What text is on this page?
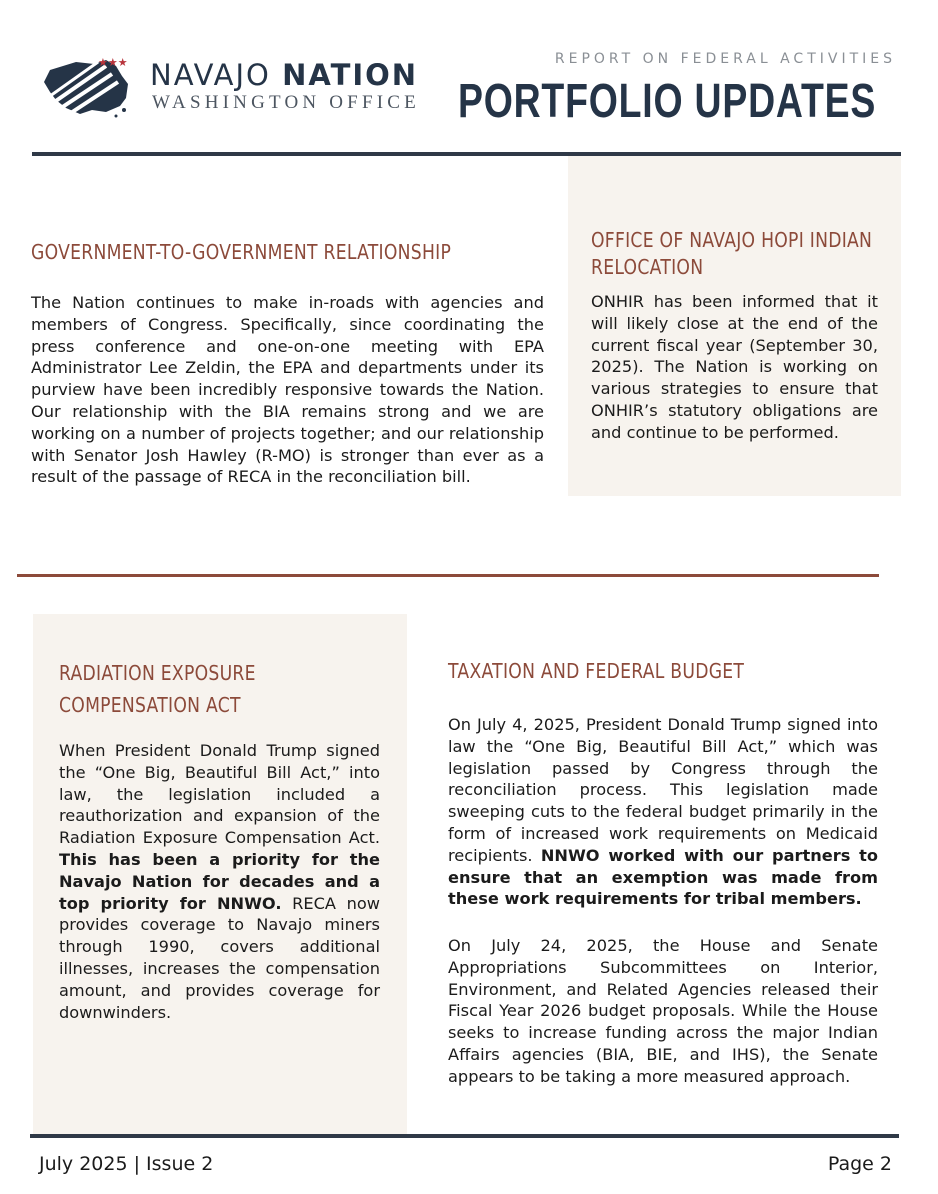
★★★ NAVAJO NATION
WASHINGTON OFFICE
REPORT ON FEDERAL ACTIVITIES
PORTFOLIO UPDATES
GOVERNMENT-TO-GOVERNMENT RELATIONSHIP
The Nation continues to make in-roads with agencies and members of Congress. Specifically, since coordinating the press conference and one-on-one meeting with EPA Administrator Lee Zeldin, the EPA and departments under its purview have been incredibly responsive towards the Nation. Our relationship with the BIA remains strong and we are working on a number of projects together; and our relationship with Senator Josh Hawley (R-MO) is stronger than ever as a result of the passage of RECA in the reconciliation bill.
OFFICE OF NAVAJO HOPI INDIAN
RELOCATION
ONHIR has been informed that it will likely close at the end of the current fiscal year (September 30, 2025). The Nation is working on various strategies to ensure that ONHIR’s statutory obligations are and continue to be performed.
RADIATION EXPOSURE
COMPENSATION ACT
When President Donald Trump signed the “One Big, Beautiful Bill Act,” into law, the legislation included a reauthorization and expansion of the Radiation Exposure Compensation Act. This has been a priority for the Navajo Nation for decades and a top priority for NNWO. RECA now provides coverage to Navajo miners through 1990, covers additional illnesses, increases the compensation amount, and provides coverage for downwinders.
TAXATION AND FEDERAL BUDGET
On July 4, 2025, President Donald Trump signed into law the “One Big, Beautiful Bill Act,” which was legislation passed by Congress through the reconciliation process. This legislation made sweeping cuts to the federal budget primarily in the form of increased work requirements on Medicaid recipients. NNWO worked with our partners to ensure that an exemption was made from these work requirements for tribal members.
On July 24, 2025, the House and Senate Appropriations Subcommittees on Interior, Environment, and Related Agencies released their Fiscal Year 2026 budget proposals. While the House seeks to increase funding across the major Indian Affairs agencies (BIA, BIE, and IHS), the Senate appears to be taking a more measured approach.
July 2025 | Issue 2	Page 2
